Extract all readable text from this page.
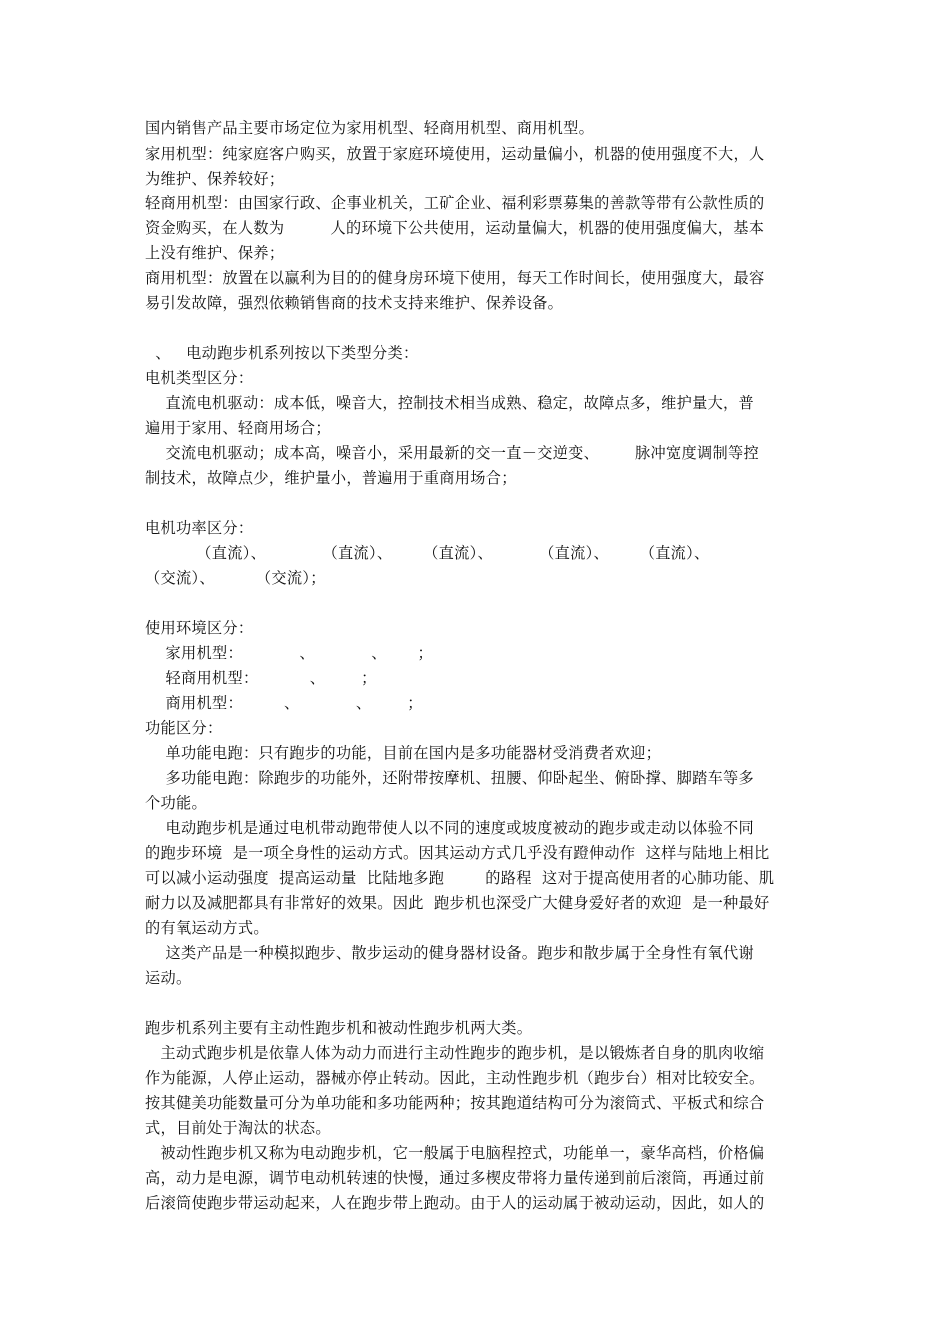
国内销售产品主要市场定位为家用机型、轻商用机型、商用机型。
家用机型：纯家庭客户购买，放置于家庭环境使用，运动量偏小，机器的使用强度不大，人
为维护、保养较好；
轻商用机型：由国家行政、企事业机关，工矿企业、福利彩票募集的善款等带有公款性质的
资金购买，在人数为         人的环境下公共使用，运动量偏大，机器的使用强度偏大，基本
上没有维护、保养；
商用机型：放置在以赢利为目的的健身房环境下使用，每天工作时间长，使用强度大，最容
易引发故障，强烈依赖销售商的技术支持来维护、保养设备。
、   电动跑步机系列按以下类型分类：
电机类型区分：
直流电机驱动：成本低，噪音大，控制技术相当成熟、稳定，故障点多，维护量大，普
遍用于家用、轻商用场合；
交流电机驱动；成本高，噪音小，采用最新的交一直－交逆变、       脉冲宽度调制等控
制技术，故障点少，维护量小，普遍用于重商用场合；
电机功率区分：
（直流）、           （直流）、      （直流）、         （直流）、      （直流）、
（交流）、        （交流）；
使用环境区分：
家用机型：           、           、      ；
轻商用机型：          、       ；
商用机型：        、           、       ；
功能区分：
单功能电跑：只有跑步的功能，目前在国内是多功能器材受消费者欢迎；
多功能电跑：除跑步的功能外，还附带按摩机、扭腰、仰卧起坐、俯卧撑、脚踏车等多
个功能。
电动跑步机是通过电机带动跑带使人以不同的速度或坡度被动的跑步或走动以体验不同
的跑步环境  是一项全身性的运动方式。因其运动方式几乎没有蹬伸动作  这样与陆地上相比
可以减小运动强度  提高运动量  比陆地多跑        的路程  这对于提高使用者的心肺功能、肌
耐力以及减肥都具有非常好的效果。因此  跑步机也深受广大健身爱好者的欢迎  是一种最好
的有氧运动方式。
这类产品是一种模拟跑步、散步运动的健身器材设备。跑步和散步属于全身性有氧代谢
运动。
跑步机系列主要有主动性跑步机和被动性跑步机两大类。
主动式跑步机是依靠人体为动力而进行主动性跑步的跑步机，是以锻炼者自身的肌肉收缩
作为能源，人停止运动，器械亦停止转动。因此，主动性跑步机（跑步台）相对比较安全。
按其健美功能数量可分为单功能和多功能两种；按其跑道结构可分为滚筒式、平板式和综合
式，目前处于淘汰的状态。
被动性跑步机又称为电动跑步机，它一般属于电脑程控式，功能单一，豪华高档，价格偏
高，动力是电源，调节电动机转速的快慢，通过多楔皮带将力量传递到前后滚筒，再通过前
后滚筒使跑步带运动起来，人在跑步带上跑动。由于人的运动属于被动运动，因此，如人的
